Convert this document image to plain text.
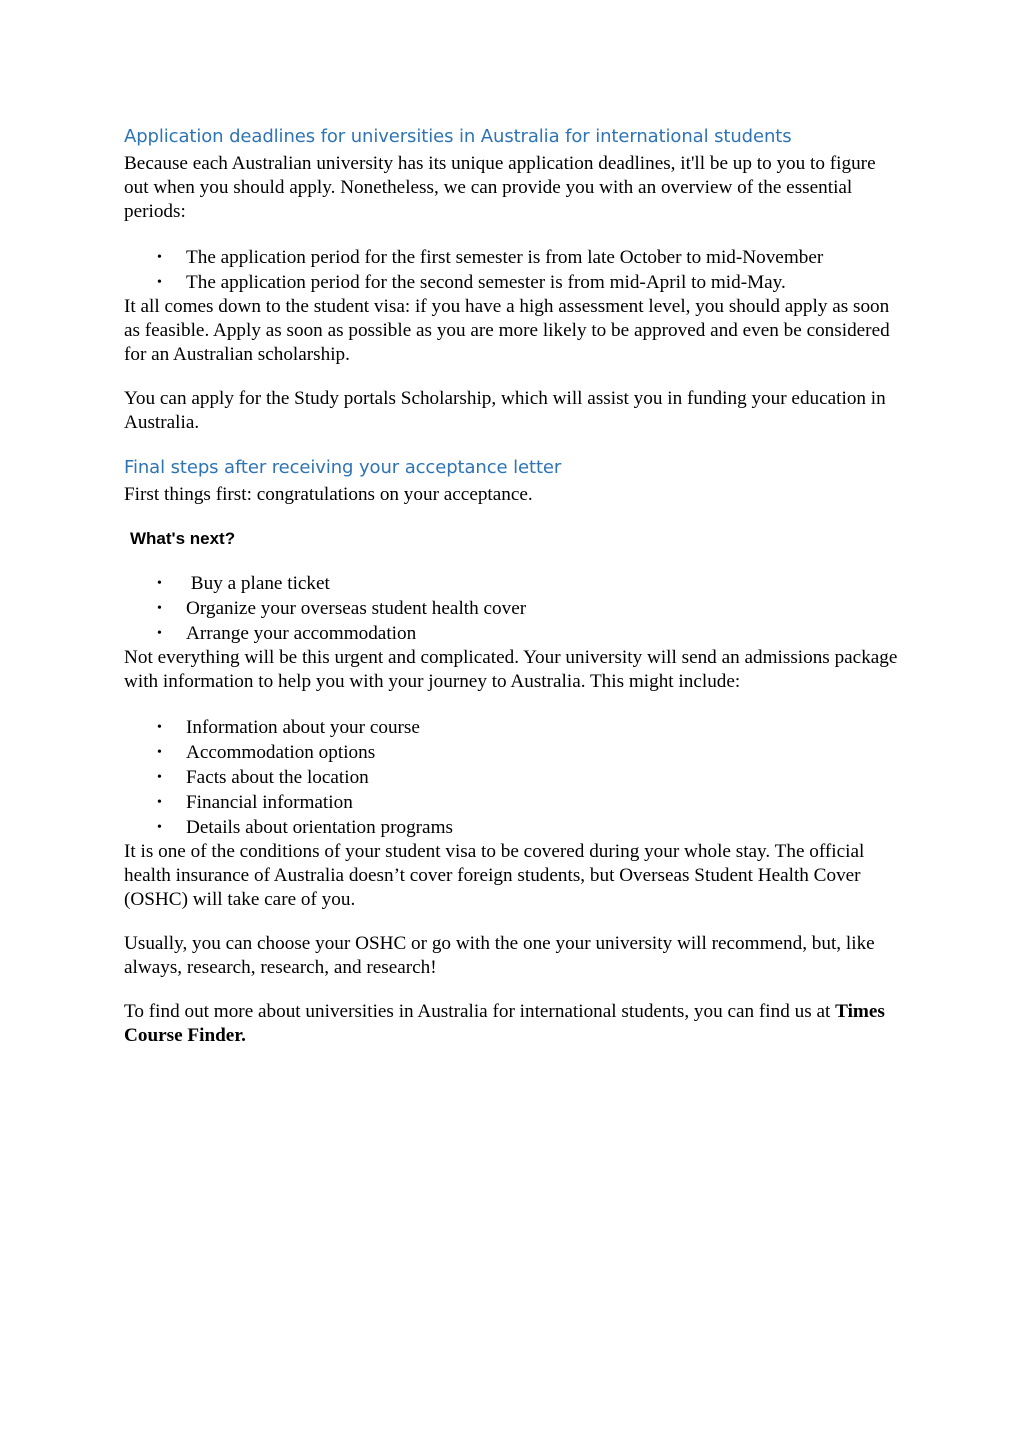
Application deadlines for universities in Australia for international students

Because each Australian university has its unique application deadlines, it'll be up to you to figure out when you should apply. Nonetheless, we can provide you with an overview of the essential periods:

• The application period for the first semester is from late October to mid-November
• The application period for the second semester is from mid-April to mid-May.

It all comes down to the student visa: if you have a high assessment level, you should apply as soon as feasible. Apply as soon as possible as you are more likely to be approved and even be considered for an Australian scholarship.

You can apply for the Study portals Scholarship, which will assist you in funding your education in Australia.

Final steps after receiving your acceptance letter

First things first: congratulations on your acceptance.

What's next?

• Buy a plane ticket
• Organize your overseas student health cover
• Arrange your accommodation

Not everything will be this urgent and complicated. Your university will send an admissions package with information to help you with your journey to Australia. This might include:

• Information about your course
• Accommodation options
• Facts about the location
• Financial information
• Details about orientation programs

It is one of the conditions of your student visa to be covered during your whole stay. The official health insurance of Australia doesn’t cover foreign students, but Overseas Student Health Cover (OSHC) will take care of you.

Usually, you can choose your OSHC or go with the one your university will recommend, but, like always, research, research, and research!

To find out more about universities in Australia for international students, you can find us at Times Course Finder.
